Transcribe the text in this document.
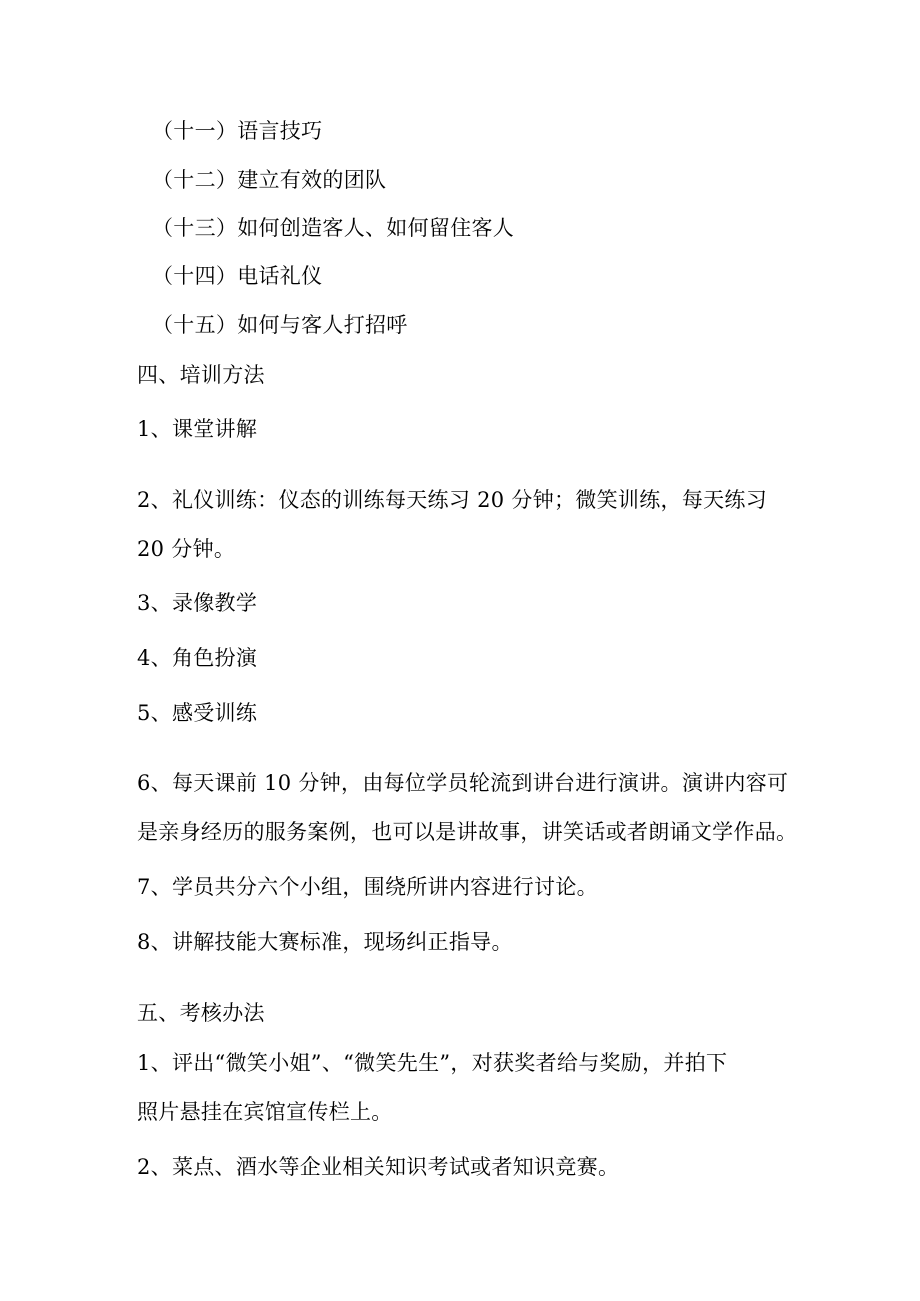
（十一）语言技巧
（十二）建立有效的团队
（十三）如何创造客人、如何留住客人
（十四）电话礼仪
（十五）如何与客人打招呼
四、培训方法
1、课堂讲解
2、礼仪训练：仪态的训练每天练习 20 分钟；微笑训练，每天练习
20 分钟。
3、录像教学
4、角色扮演
5、感受训练
6、每天课前 10 分钟，由每位学员轮流到讲台进行演讲。演讲内容可
是亲身经历的服务案例，也可以是讲故事，讲笑话或者朗诵文学作品。
7、学员共分六个小组，围绕所讲内容进行讨论。
8、讲解技能大赛标准，现场纠正指导。
五、考核办法
1、评出“微笑小姐”、“微笑先生”，对获奖者给与奖励，并拍下
照片悬挂在宾馆宣传栏上。
2、菜点、酒水等企业相关知识考试或者知识竞赛。
